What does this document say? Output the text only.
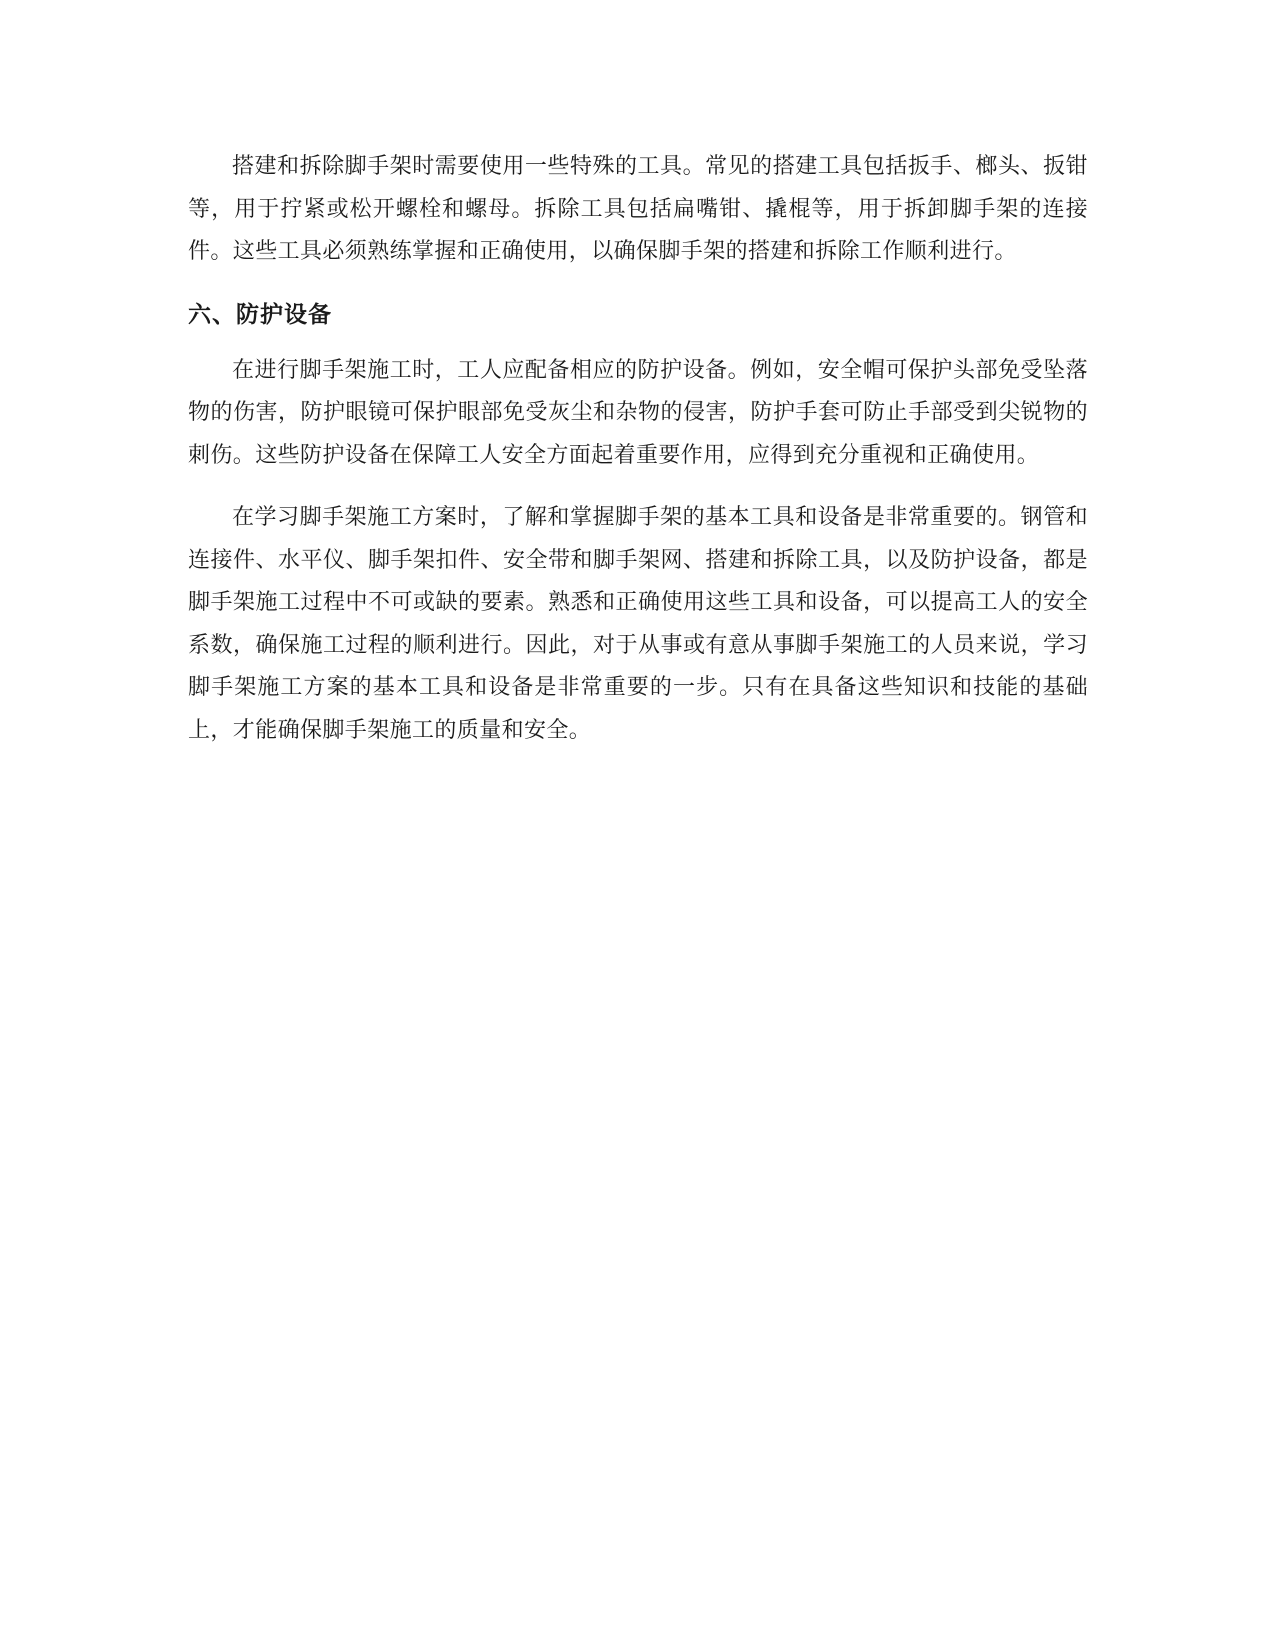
搭建和拆除脚手架时需要使用一些特殊的工具。常见的搭建工具包括扳手、榔头、扳钳等，用于拧紧或松开螺栓和螺母。拆除工具包括扁嘴钳、撬棍等，用于拆卸脚手架的连接件。这些工具必须熟练掌握和正确使用，以确保脚手架的搭建和拆除工作顺利进行。

六、防护设备

在进行脚手架施工时，工人应配备相应的防护设备。例如，安全帽可保护头部免受坠落物的伤害，防护眼镜可保护眼部免受灰尘和杂物的侵害，防护手套可防止手部受到尖锐物的刺伤。这些防护设备在保障工人安全方面起着重要作用，应得到充分重视和正确使用。

在学习脚手架施工方案时，了解和掌握脚手架的基本工具和设备是非常重要的。钢管和连接件、水平仪、脚手架扣件、安全带和脚手架网、搭建和拆除工具，以及防护设备，都是脚手架施工过程中不可或缺的要素。熟悉和正确使用这些工具和设备，可以提高工人的安全系数，确保施工过程的顺利进行。因此，对于从事或有意从事脚手架施工的人员来说，学习脚手架施工方案的基本工具和设备是非常重要的一步。只有在具备这些知识和技能的基础上，才能确保脚手架施工的质量和安全。
